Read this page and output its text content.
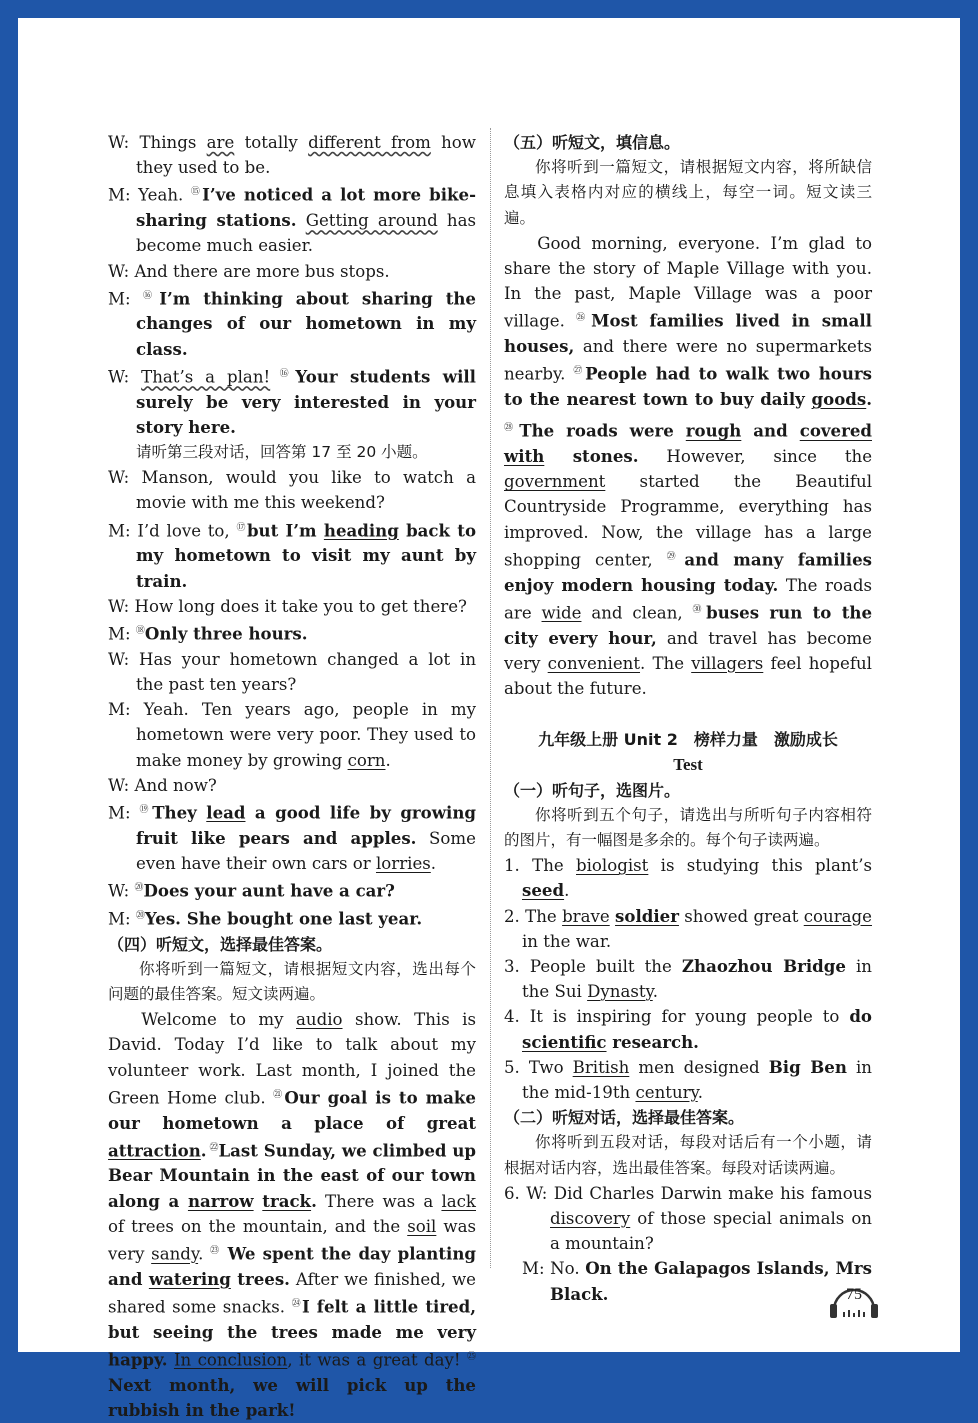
W: Things are totally different from how they used to be.
M: Yeah. ⑮I’ve noticed a lot more bike-sharing stations. Getting around has become much easier.
W: And there are more bus stops.
M: ⑯I’m thinking about sharing the changes of our hometown in my class.
W: That’s a plan! ⑯Your students will surely be very interested in your story here.
请听第三段对话，回答第 17 至 20 小题。
W: Manson, would you like to watch a movie with me this weekend?
M: I’d love to, ⑰but I’m heading back to my hometown to visit my aunt by train.
W: How long does it take you to get there?
M: ⑱Only three hours.
W: Has your hometown changed a lot in the past ten years?
M: Yeah. Ten years ago, people in my hometown were very poor. They used to make money by growing corn.
W: And now?
M: ⑲They lead a good life by growing fruit like pears and apples. Some even have their own cars or lorries.
W: ⑳Does your aunt have a car?
M: ⑳Yes. She bought one last year.
（四）听短文，选择最佳答案。
你将听到一篇短文，请根据短文内容，选出每个问题的最佳答案。短文读两遍。
Welcome to my audio show. This is David. Today I’d like to talk about my volunteer work. Last month, I joined the Green Home club. $^㉑$Our goal is to make our hometown a place of great attraction. $^㉒$Last Sunday, we climbed up Bear Mountain in the east of our town along a narrow track. There was a lack of trees on the mountain, and the soil was very sandy. $^㉓$ We spent the day planting and watering trees. After we finished, we shared some snacks. $^㉔$I felt a little tired, but seeing the trees made me very happy. In conclusion, it was a great day! $^㉕$Next month, we will pick up the rubbish in the park!
（五）听短文，填信息。
你将听到一篇短文，请根据短文内容，将所缺信息填入表格内对应的横线上，每空一词。短文读三遍。
Good morning, everyone. I’m glad to share the story of Maple Village with you. In the past, Maple Village was a poor village. $^㉖$Most families lived in small houses, and there were no supermarkets nearby. $^㉗$People had to walk two hours to the nearest town to buy daily goods. $^㉘$The roads were rough and covered with stones. However, since the government started the Beautiful Countryside Programme, everything has improved. Now, the village has a large shopping center, $^㉙$and many families enjoy modern housing today. The roads are wide and clean, $^㉚$buses run to the city every hour, and travel has become very convenient. The villagers feel hopeful about the future.
九年级上册 Unit 2　榜样力量　激励成长
Test
（一）听句子，选图片。
你将听到五个句子，请选出与所听句子内容相符的图片，有一幅图是多余的。每个句子读两遍。
1. The biologist is studying this plant’s seed.
2. The brave soldier showed great courage in the war.
3. People built the Zhaozhou Bridge in the Sui Dynasty.
4. It is inspiring for young people to do scientific research.
5. Two British men designed Big Ben in the mid-19th century.
（二）听短对话，选择最佳答案。
你将听到五段对话，每段对话后有一个小题，请根据对话内容，选出最佳答案。每段对话读两遍。
6. W: Did Charles Darwin make his famous discovery of those special animals on a mountain?
M: No. On the Galapagos Islands, Mrs Black.	75
